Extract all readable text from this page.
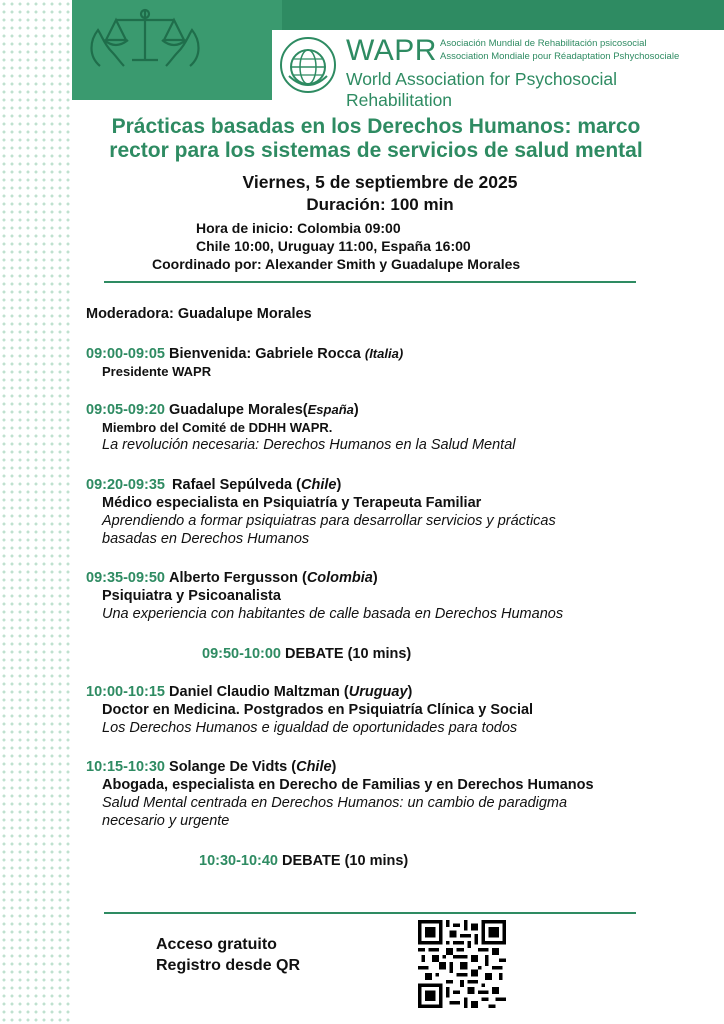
WAPR Asociación Mundial de Rehabilitación psicosocial
Association Mondiale pour Réadaptation Pshychosociale
World Association for Psychosocial Rehabilitation
Prácticas basadas en los Derechos Humanos: marco
rector para los sistemas de servicios de salud mental
Viernes, 5 de septiembre de 2025
Duración: 100 min
Hora de inicio: Colombia 09:00
Chile 10:00, Uruguay 11:00, España 16:00
Coordinado por: Alexander Smith y Guadalupe Morales
Moderadora: Guadalupe Morales
09:00-09:05 Bienvenida: Gabriele Rocca (Italia)
Presidente WAPR
09:05-09:20 Guadalupe Morales(España)
Miembro del Comité de DDHH WAPR.
La revolución necesaria: Derechos Humanos en la Salud Mental
09:20-09:35 Rafael Sepúlveda (Chile)
Médico especialista en Psiquiatría y Terapeuta Familiar
Aprendiendo a formar psiquiatras para desarrollar servicios y prácticas
basadas en Derechos Humanos
09:35-09:50 Alberto Fergusson (Colombia)
Psiquiatra y Psicoanalista
Una experiencia con habitantes de calle basada en Derechos Humanos
09:50-10:00 DEBATE (10 mins)
10:00-10:15 Daniel Claudio Maltzman (Uruguay)
Doctor en Medicina. Postgrados en Psiquiatría Clínica y Social
Los Derechos Humanos e igualdad de oportunidades para todos
10:15-10:30 Solange De Vidts (Chile)
Abogada, especialista en Derecho de Familias y en Derechos Humanos
Salud Mental centrada en Derechos Humanos: un cambio de paradigma
necesario y urgente
10:30-10:40 DEBATE (10 mins)
Acceso gratuito
Registro desde QR
